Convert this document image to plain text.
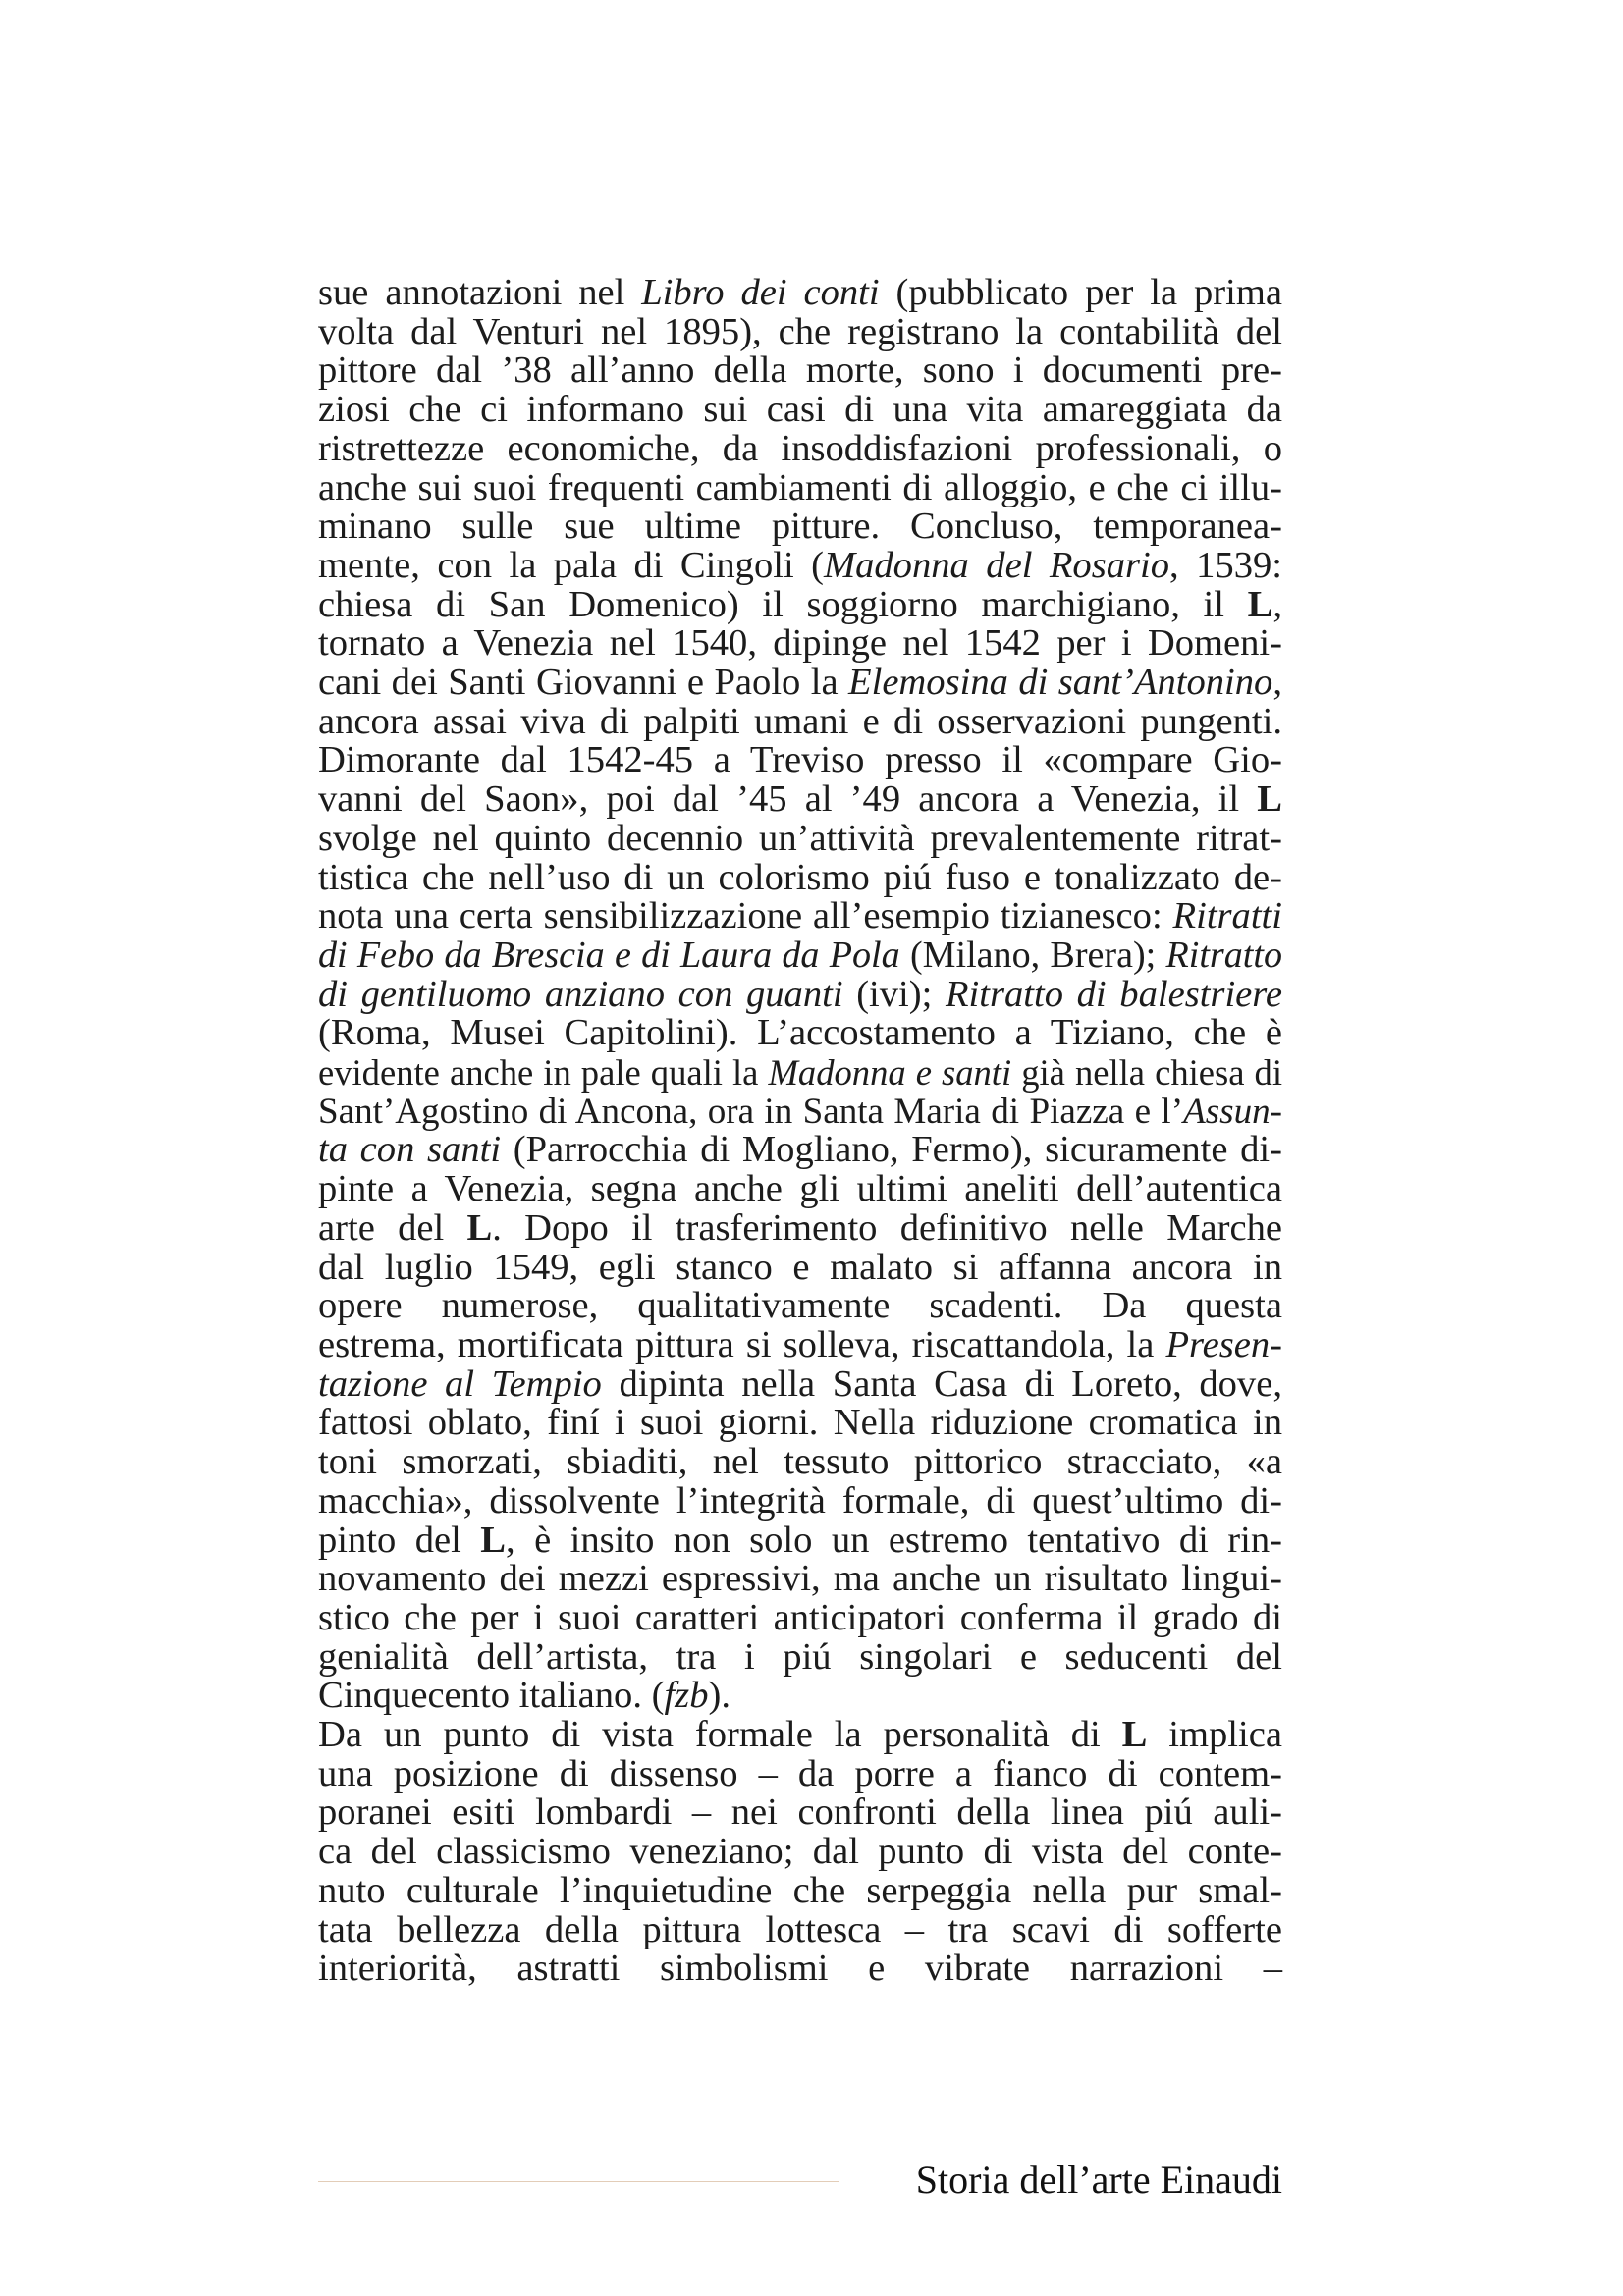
sue annotazioni nel Libro dei conti (pubblicato per la prima
volta dal Venturi nel 1895), che registrano la contabilità del
pittore dal ’38 all’anno della morte, sono i documenti pre-
ziosi che ci informano sui casi di una vita amareggiata da
ristrettezze economiche, da insoddisfazioni professionali, o
anche sui suoi frequenti cambiamenti di alloggio, e che ci illu-
minano sulle sue ultime pitture. Concluso, temporanea-
mente, con la pala di Cingoli (Madonna del Rosario, 1539:
chiesa di San Domenico) il soggiorno marchigiano, il L,
tornato a Venezia nel 1540, dipinge nel 1542 per i Domeni-
cani dei Santi Giovanni e Paolo la Elemosina di sant’Antonino,
ancora assai viva di palpiti umani e di osservazioni pungenti.
Dimorante dal 1542-45 a Treviso presso il «compare Gio-
vanni del Saon», poi dal ’45 al ’49 ancora a Venezia, il L
svolge nel quinto decennio un’attività prevalentemente ritrat-
tistica che nell’uso di un colorismo piú fuso e tonalizzato de-
nota una certa sensibilizzazione all’esempio tizianesco: Ritratti
di Febo da Brescia e di Laura da Pola (Milano, Brera); Ritratto
di gentiluomo anziano con guanti (ivi); Ritratto di balestriere
(Roma, Musei Capitolini). L’accostamento a Tiziano, che è
evidente anche in pale quali la Madonna e santi già nella chiesa di
Sant’Agostino di Ancona, ora in Santa Maria di Piazza e l’Assun-
ta con santi (Parrocchia di Mogliano, Fermo), sicuramente di-
pinte a Venezia, segna anche gli ultimi aneliti dell’autentica
arte del L. Dopo il trasferimento definitivo nelle Marche
dal luglio 1549, egli stanco e malato si affanna ancora in
opere numerose, qualitativamente scadenti. Da questa
estrema, mortificata pittura si solleva, riscattandola, la Presen-
tazione al Tempio dipinta nella Santa Casa di Loreto, dove,
fattosi oblato, finí i suoi giorni. Nella riduzione cromatica in
toni smorzati, sbiaditi, nel tessuto pittorico stracciato, «a
macchia», dissolvente l’integrità formale, di quest’ultimo di-
pinto del L, è insito non solo un estremo tentativo di rin-
novamento dei mezzi espressivi, ma anche un risultato lingui-
stico che per i suoi caratteri anticipatori conferma il grado di
genialità dell’artista, tra i piú singolari e seducenti del
Cinquecento italiano. (fzb).

Da un punto di vista formale la personalità di L implica
una posizione di dissenso – da porre a fianco di contem-
poranei esiti lombardi – nei confronti della linea piú auli-
ca del classicismo veneziano; dal punto di vista del conte-
nuto culturale l’inquietudine che serpeggia nella pur smal-
tata bellezza della pittura lottesca – tra scavi di sofferte
interiorità, astratti simbolismi e vibrate narrazioni –

Storia dell’arte Einaudi
